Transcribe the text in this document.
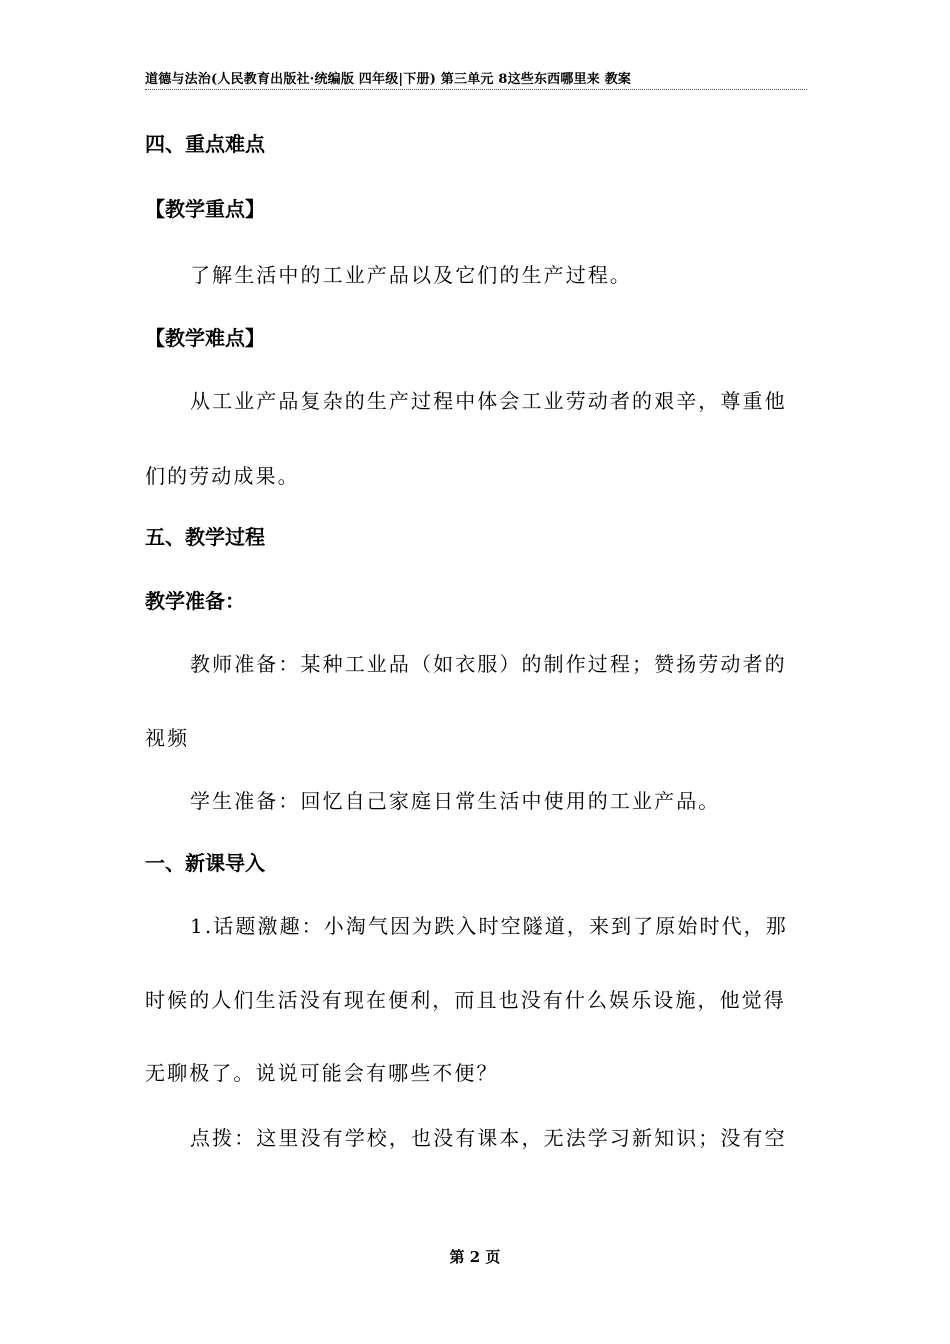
道德与法治(人民教育出版社·统编版 四年级|下册) 第三单元 8这些东西哪里来 教案
四、重点难点
【教学重点】
了解生活中的工业产品以及它们的生产过程。
【教学难点】
从工业产品复杂的生产过程中体会工业劳动者的艰辛，尊重他
们的劳动成果。
五、教学过程
教学准备：
教师准备：某种工业品（如衣服）的制作过程；赞扬劳动者的
视频
学生准备：回忆自己家庭日常生活中使用的工业产品。
一、新课导入
1.话题激趣：小淘气因为跌入时空隧道，来到了原始时代，那
时候的人们生活没有现在便利，而且也没有什么娱乐设施，他觉得
无聊极了。说说可能会有哪些不便？
点拨：这里没有学校，也没有课本，无法学习新知识；没有空
第 2 页
